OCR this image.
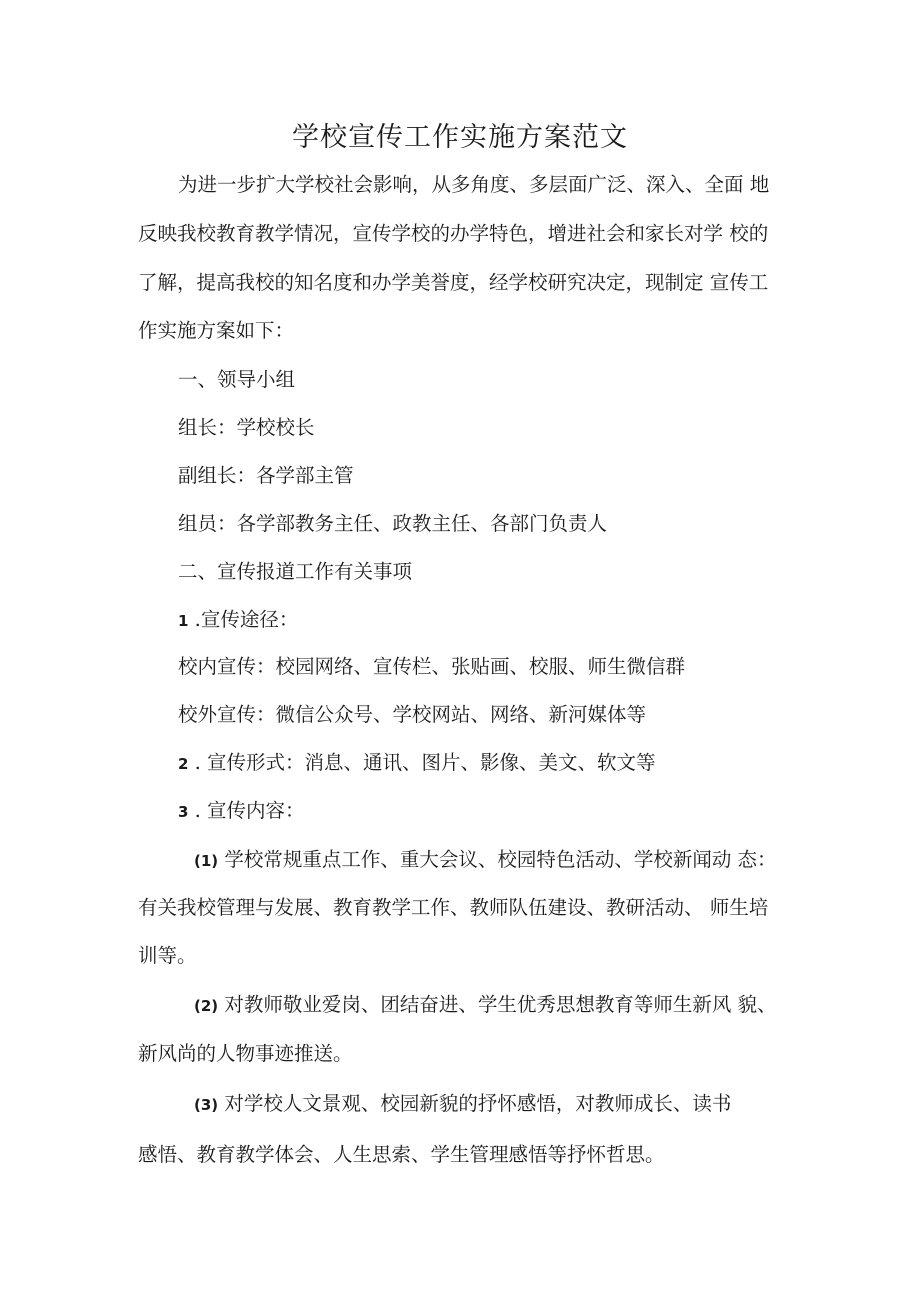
学校宣传工作实施方案范文
为进一步扩大学校社会影响，从多角度、多层面广泛、深入、全面 地
反映我校教育教学情况，宣传学校的办学特色，增进社会和家长对学 校的
了解，提高我校的知名度和办学美誉度，经学校研究决定，现制定 宣传工
作实施方案如下：
一、领导小组
组长：学校校长
副组长：各学部主管
组员：各学部教务主任、政教主任、各部门负责人
二、宣传报道工作有关事项
1 .宣传途径：
校内宣传：校园网络、宣传栏、张贴画、校服、师生微信群
校外宣传：微信公众号、学校网站、网络、新河媒体等
2 . 宣传形式：消息、通讯、图片、影像、美文、软文等
3 . 宣传内容：
(1) 学校常规重点工作、重大会议、校园特色活动、学校新闻动 态：
有关我校管理与发展、教育教学工作、教师队伍建设、教研活动、 师生培
训等。
(2) 对教师敬业爱岗、团结奋进、学生优秀思想教育等师生新风 貌、
新风尚的人物事迹推送。
(3) 对学校人文景观、校园新貌的抒怀感悟，对教师成长、读书
感悟、教育教学体会、人生思索、学生管理感悟等抒怀哲思。
